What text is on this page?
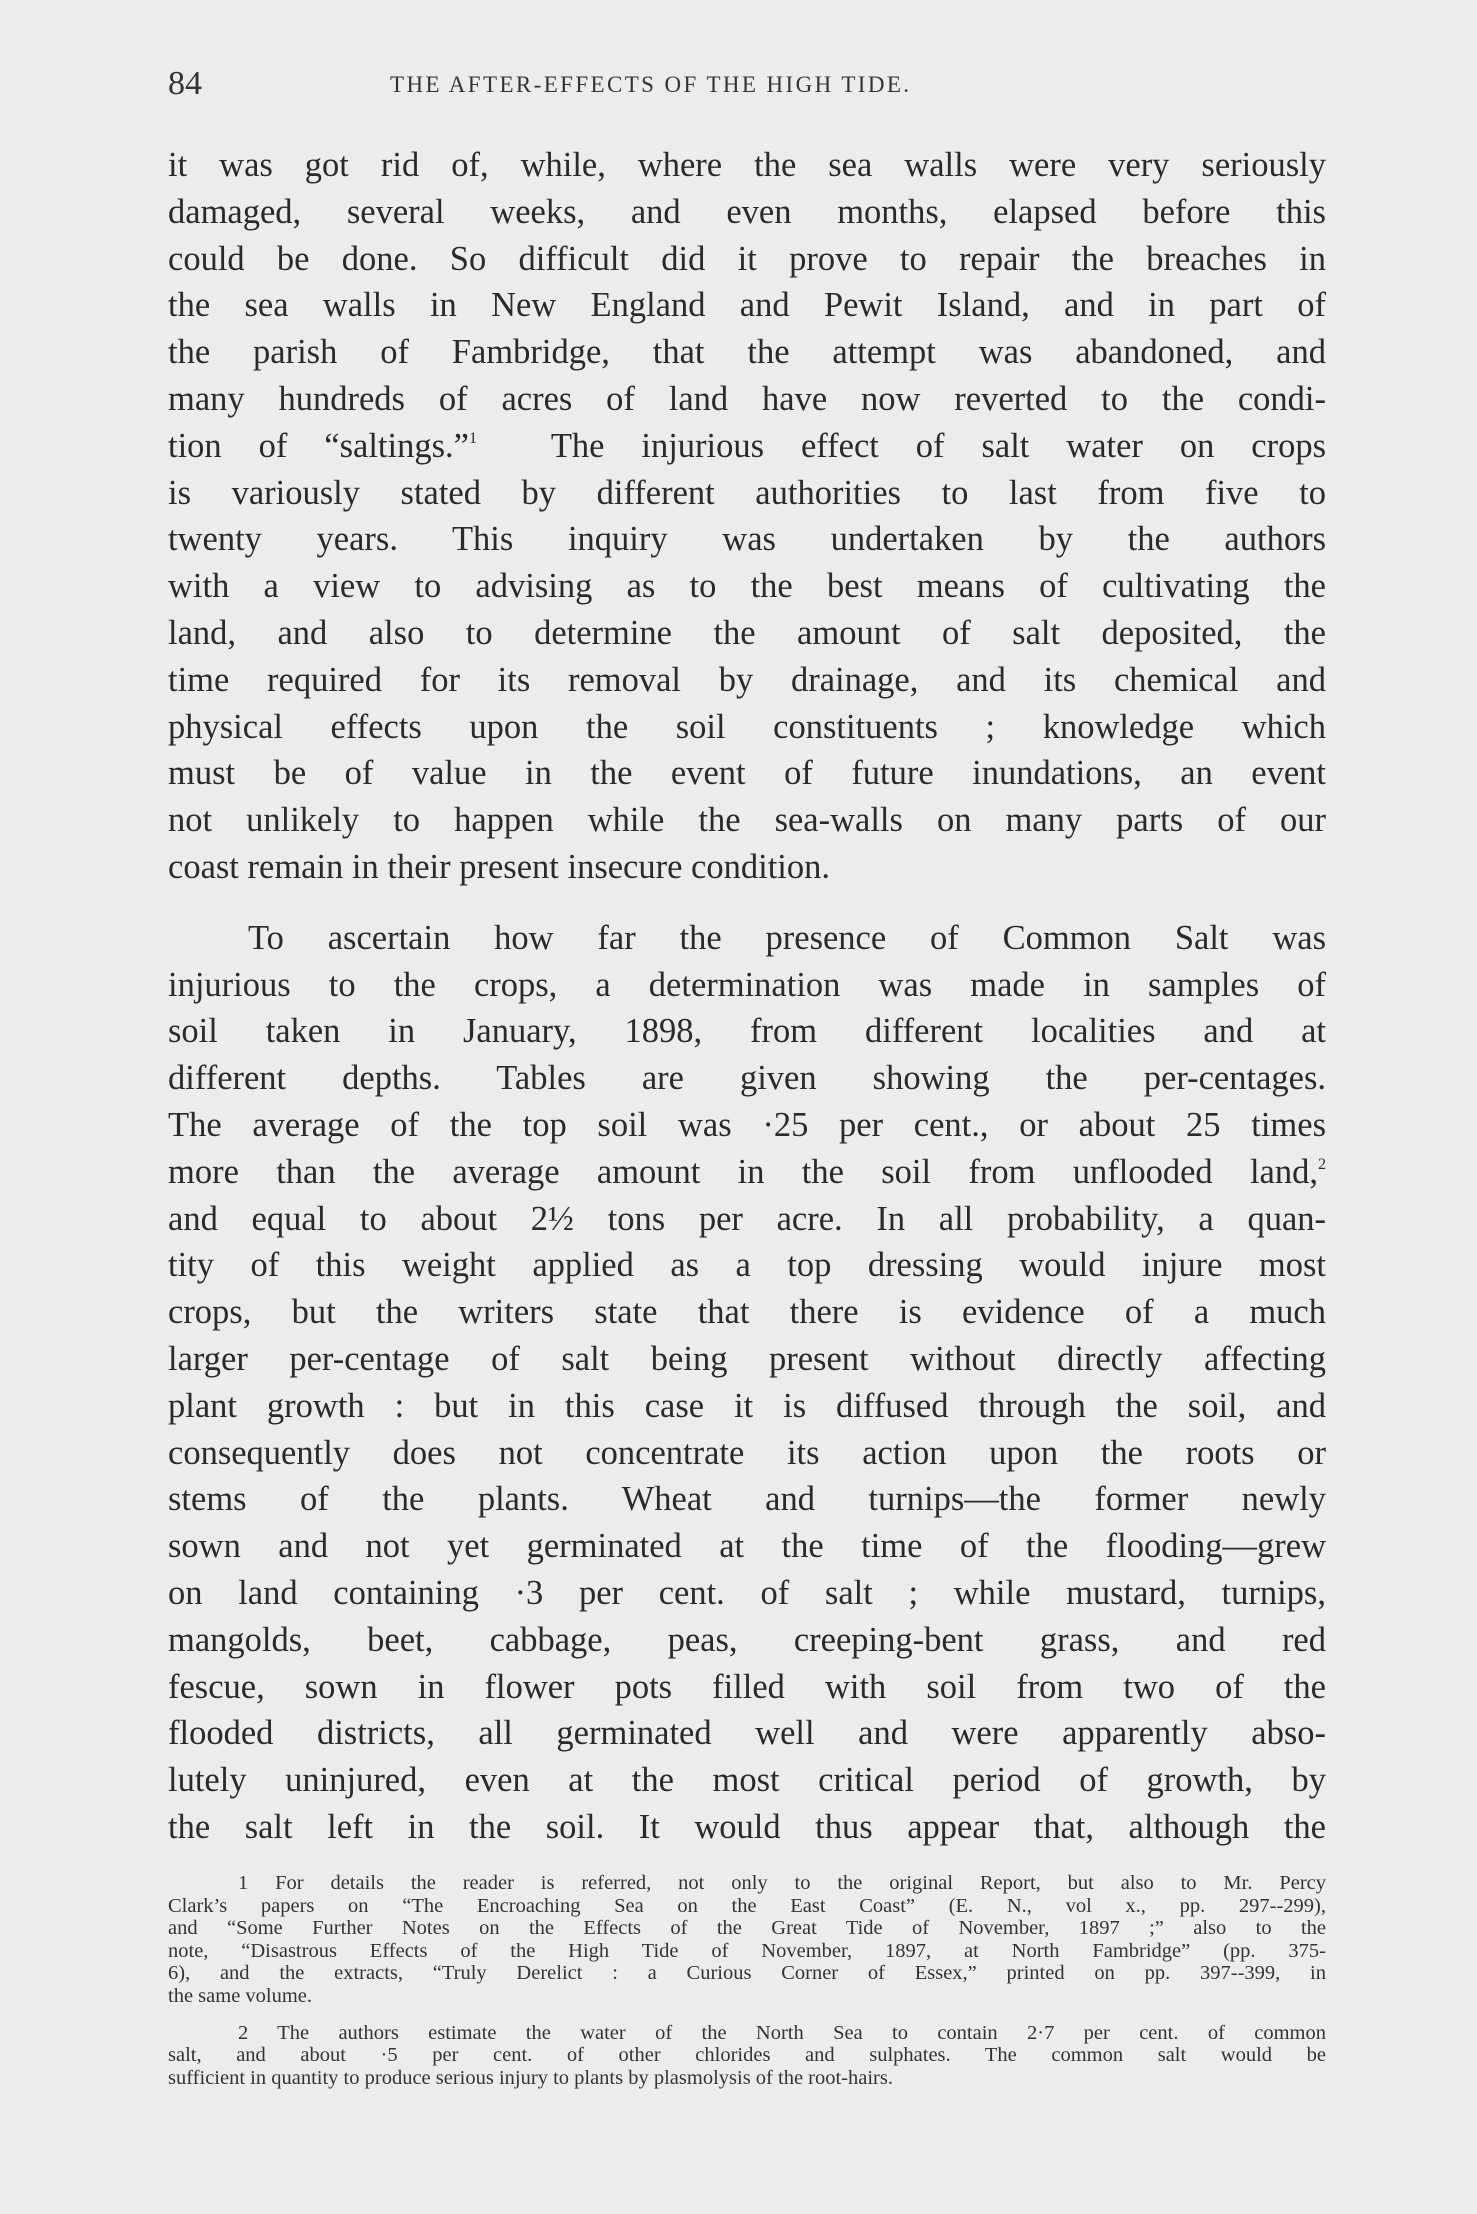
84	THE AFTER-EFFECTS OF THE HIGH TIDE.
it was got rid of, while, where the sea walls were very seriously
damaged, several weeks, and even months, elapsed before this
could be done. So difficult did it prove to repair the breaches in
the sea walls in New England and Pewit Island, and in part of
the parish of Fambridge, that the attempt was abandoned, and
many hundreds of acres of land have now reverted to the condi-
tion of “saltings.”$^1$ The injurious effect of salt water on crops
is variously stated by different authorities to last from five to
twenty years. This inquiry was undertaken by the authors
with a view to advising as to the best means of cultivating the
land, and also to determine the amount of salt deposited, the
time required for its removal by drainage, and its chemical and
physical effects upon the soil constituents ; knowledge which
must be of value in the event of future inundations, an event
not unlikely to happen while the sea-walls on many parts of our
coast remain in their present insecure condition.
To ascertain how far the presence of Common Salt was
injurious to the crops, a determination was made in samples of
soil taken in January, 1898, from different localities and at
different depths. Tables are given showing the per-centages.
The average of the top soil was ·25 per cent., or about 25 times
more than the average amount in the soil from unflooded land,$^2$
and equal to about 2½ tons per acre. In all probability, a quan-
tity of this weight applied as a top dressing would injure most
crops, but the writers state that there is evidence of a much
larger per-centage of salt being present without directly affecting
plant growth : but in this case it is diffused through the soil, and
consequently does not concentrate its action upon the roots or
stems of the plants. Wheat and turnips—the former newly
sown and not yet germinated at the time of the flooding—grew
on land containing ·3 per cent. of salt ; while mustard, turnips,
mangolds, beet, cabbage, peas, creeping-bent grass, and red
fescue, sown in flower pots filled with soil from two of the
flooded districts, all germinated well and were apparently abso-
lutely uninjured, even at the most critical period of growth, by
the salt left in the soil. It would thus appear that, although the
1 For details the reader is referred, not only to the original Report, but also to Mr. Percy
Clark’s papers on “The Encroaching Sea on the East Coast” (E. N., vol x., pp. 297--299),
and “Some Further Notes on the Effects of the Great Tide of November, 1897 ;” also to the
note, “Disastrous Effects of the High Tide of November, 1897, at North Fambridge” (pp. 375-
6), and the extracts, “Truly Derelict : a Curious Corner of Essex,” printed on pp. 397--399, in
the same volume.
2 The authors estimate the water of the North Sea to contain 2·7 per cent. of common
salt, and about ·5 per cent. of other chlorides and sulphates. The common salt would be
sufficient in quantity to produce serious injury to plants by plasmolysis of the root-hairs.
